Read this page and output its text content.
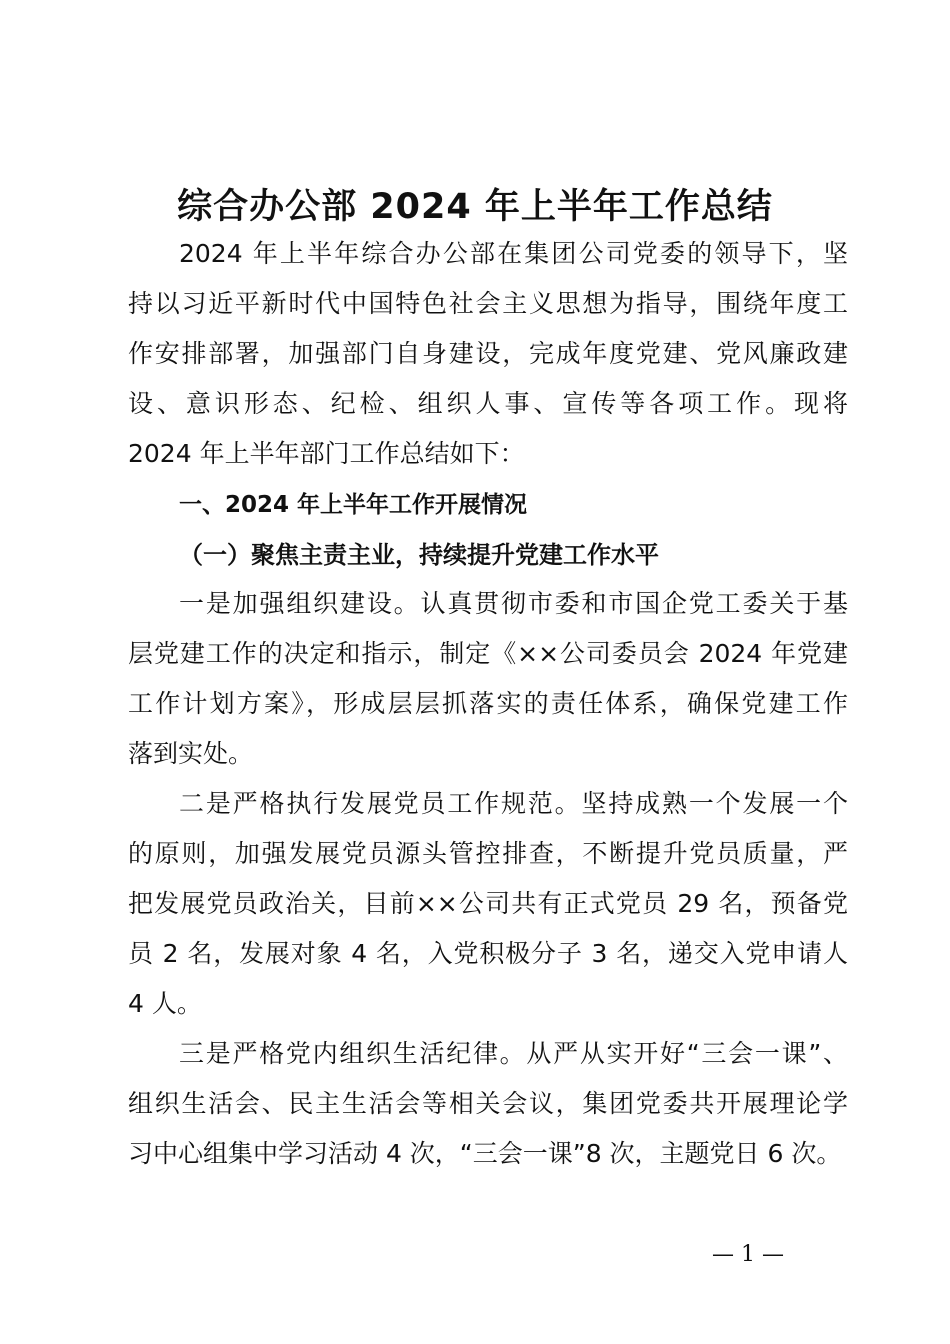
综合办公部 2024 年上半年工作总结

2024 年上半年综合办公部在集团公司党委的领导下，坚

持以习近平新时代中国特色社会主义思想为指导，围绕年度工

作安排部署，加强部门自身建设，完成年度党建、党风廉政建

设、意识形态、纪检、组织人事、宣传等各项工作。现将

2024 年上半年部门工作总结如下：

一、2024 年上半年工作开展情况

（一）聚焦主责主业，持续提升党建工作水平

一是加强组织建设。认真贯彻市委和市国企党工委关于基

层党建工作的决定和指示，制定《××公司委员会 2024 年党建

工作计划方案》，形成层层抓落实的责任体系，确保党建工作

落到实处。

二是严格执行发展党员工作规范。坚持成熟一个发展一个

的原则，加强发展党员源头管控排查，不断提升党员质量，严

把发展党员政治关，目前××公司共有正式党员 29 名，预备党

员 2 名，发展对象 4 名，入党积极分子 3 名，递交入党申请人

4 人。

三是严格党内组织生活纪律。从严从实开好“三会一课”、

组织生活会、民主生活会等相关会议，集团党委共开展理论学

习中心组集中学习活动 4 次，“三会一课”8 次，主题党日 6 次。

— 1 —
